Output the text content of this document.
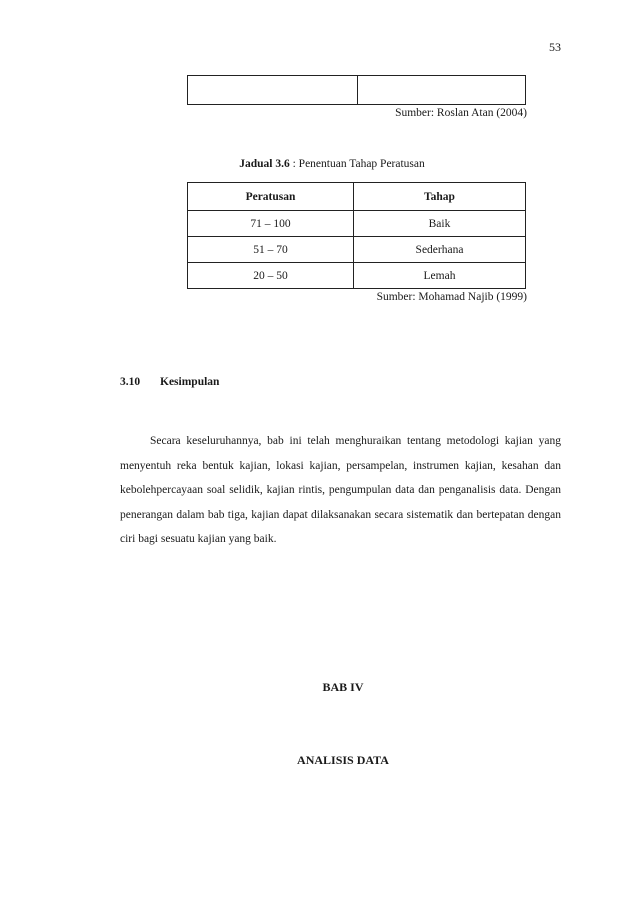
53

Sumber: Roslan Atan (2004)
Jadual 3.6 : Penentuan Tahap Peratusan
Peratusan	Tahap
71 – 100	Baik
51 – 70	Sederhana
20 – 50	Lemah
Sumber: Mohamad Najib (1999)
3.10 Kesimpulan

Secara keseluruhannya, bab ini telah menghuraikan tentang metodologi kajian yang menyentuh reka bentuk kajian, lokasi kajian, persampelan, instrumen kajian, kesahan dan kebolehpercayaan soal selidik, kajian rintis, pengumpulan data dan penganalisis data. Dengan penerangan dalam bab tiga, kajian dapat dilaksanakan secara sistematik dan bertepatan dengan ciri bagi sesuatu kajian yang baik.

BAB IV
ANALISIS DATA
